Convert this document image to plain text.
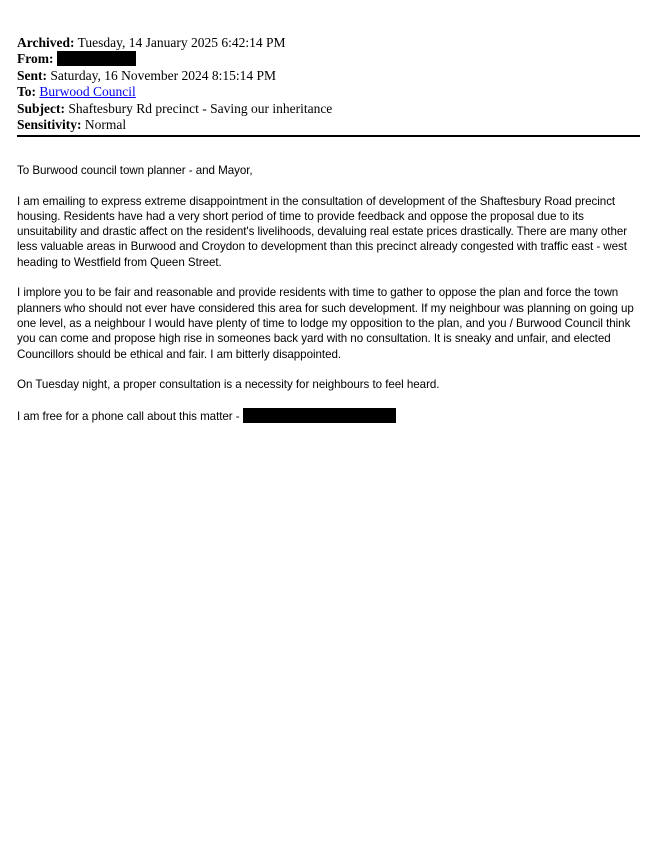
Archived: Tuesday, 14 January 2025 6:42:14 PM
From:
Sent: Saturday, 16 November 2024 8:15:14 PM
To: Burwood Council
Subject: Shaftesbury Rd precinct - Saving our inheritance
Sensitivity: Normal

To Burwood council town planner - and Mayor,

I am emailing to express extreme disappointment in the consultation of development of the Shaftesbury Road precinct housing. Residents have had a very short period of time to provide feedback and oppose the proposal due to its unsuitability and drastic affect on the resident's livelihoods, devaluing real estate prices drastically. There are many other less valuable areas in Burwood and Croydon to development than this precinct already congested with traffic east - west heading to Westfield from Queen Street.

I implore you to be fair and reasonable and provide residents with time to gather to oppose the plan and force the town planners who should not ever have considered this area for such development. If my neighbour was planning on going up one level, as a neighbour I would have plenty of time to lodge my opposition to the plan, and you / Burwood Council think you can come and propose high rise in someones back yard with no consultation. It is sneaky and unfair, and elected Councillors should be ethical and fair. I am bitterly disappointed.

On Tuesday night, a proper consultation is a necessity for neighbours to feel heard.

I am free for a phone call about this matter -
